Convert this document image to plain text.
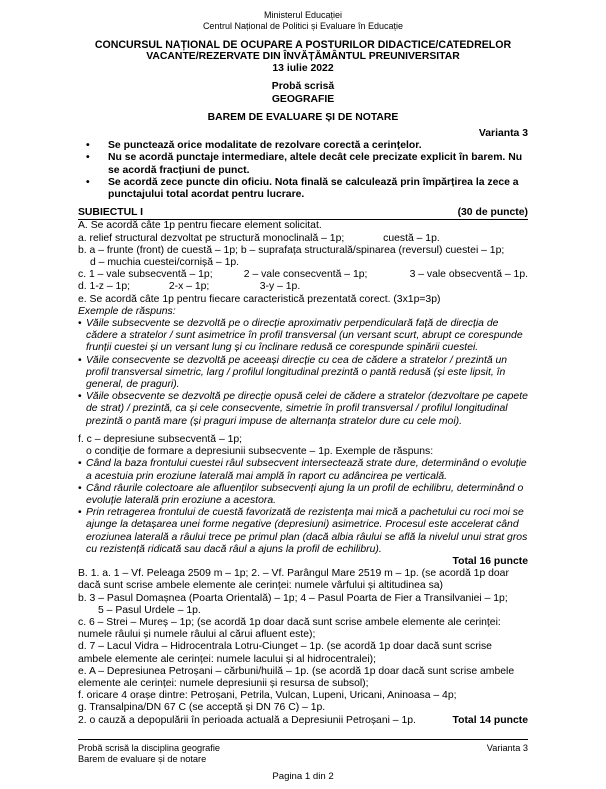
Ministerul Educației
Centrul Național de Politici și Evaluare în Educație
CONCURSUL NAȚIONAL DE OCUPARE A POSTURILOR DIDACTICE/CATEDRELOR
VACANTE/REZERVATE DIN ÎNVĂȚĂMÂNTUL PREUNIVERSITAR
13 iulie 2022
Probă scrisă
GEOGRAFIE
BAREM DE EVALUARE ȘI DE NOTARE
Varianta 3
•	Se punctează orice modalitate de rezolvare corectă a cerințelor.
•	Nu se acordă punctaje intermediare, altele decât cele precizate explicit în barem. Nu se acordă fracțiuni de punct.
•	Se acordă zece puncte din oficiu. Nota finală se calculează prin împărțirea la zece a punctajului total acordat pentru lucrare.
SUBIECTUL I	(30 de puncte)
A. Se acordă câte 1p pentru fiecare element solicitat.
a. relief structural dezvoltat pe structură monoclinală – 1p;	cuestă – 1p.
b. a – frunte (front) de cuestă – 1p; b – suprafața structurală/spinarea (reversul) cuestei – 1p;
d – muchia cuestei/cornișă – 1p.
c. 1 – vale subsecventă – 1p;	2 – vale consecventă – 1p;	3 – vale obsecventă – 1p.
d. 1-z – 1p;	2-x – 1p;	3-y – 1p.
e. Se acordă câte 1p pentru fiecare caracteristică prezentată corect. (3x1p=3p)
Exemple de răspuns:
• Văile subsecvente se dezvoltă pe o direcție aproximativ perpendiculară față de direcția de cădere a stratelor / sunt asimetrice în profil transversal (un versant scurt, abrupt ce corespunde frunții cuestei și un versant lung și cu înclinare redusă ce corespunde spinării cuestei.
• Văile consecvente se dezvoltă pe aceeași direcție cu cea de cădere a stratelor / prezintă un profil transversal simetric, larg / profilul longitudinal prezintă o pantă redusă (și este lipsit, în general, de praguri).
• Văile obsecvente se dezvoltă pe direcție opusă celei de cădere a stratelor (dezvoltare pe capete de strat) / prezintă, ca și cele consecvente, simetrie în profil transversal / profilul longitudinal prezintă o pantă mare (și praguri impuse de alternanța stratelor dure cu cele moi).
f. c – depresiune subsecventă – 1p;
o condiție de formare a depresiunii subsecvente – 1p. Exemple de răspuns:
• Când la baza frontului cuestei râul subsecvent intersectează strate dure, determinând o evoluție a acestuia prin eroziune laterală mai amplă în raport cu adâncirea pe verticală.
• Când râurile colectoare ale afluenților subsecvenți ajung la un profil de echilibru, determinând o evoluție laterală prin eroziune a acestora.
• Prin retragerea frontului de cuestă favorizată de rezistența mai mică a pachetului cu roci moi se ajunge la detașarea unei forme negative (depresiuni) asimetrice. Procesul este accelerat când eroziunea laterală a râului trece pe primul plan (dacă albia râului se află la nivelul unui strat gros cu rezistență ridicată sau dacă râul a ajuns la profil de echilibru).
Total 16 puncte
B. 1. a. 1 – Vf. Peleaga 2509 m – 1p; 2. – Vf. Parângul Mare 2519 m – 1p. (se acordă 1p doar dacă sunt scrise ambele elemente ale cerinței: numele vârfului și altitudinea sa)
b. 3 – Pasul Domașnea (Poarta Orientală) – 1p; 4 – Pasul Poarta de Fier a Transilvaniei – 1p;
5 – Pasul Urdele – 1p.
c. 6 – Strei – Mureș – 1p; (se acordă 1p doar dacă sunt scrise ambele elemente ale cerinței: numele râului și numele râului al cărui afluent este);
d. 7 – Lacul Vidra – Hidrocentrala Lotru-Ciunget – 1p. (se acordă 1p doar dacă sunt scrise ambele elemente ale cerinței: numele lacului și al hidrocentralei);
e. A – Depresiunea Petroșani – cărbuni/huilă – 1p. (se acordă 1p doar dacă sunt scrise ambele elemente ale cerinței: numele depresiunii și resursa de subsol);
f. oricare 4 orașe dintre: Petroșani, Petrila, Vulcan, Lupeni, Uricani, Aninoasa – 4p;
g. Transalpina/DN 67 C (se acceptă și DN 76 C) – 1p.
2. o cauză a depopulării în perioada actuală a Depresiunii Petroșani – 1p.	Total 14 puncte
Probă scrisă la disciplina geografie	Varianta 3
Barem de evaluare și de notare
Pagina 1 din 2
